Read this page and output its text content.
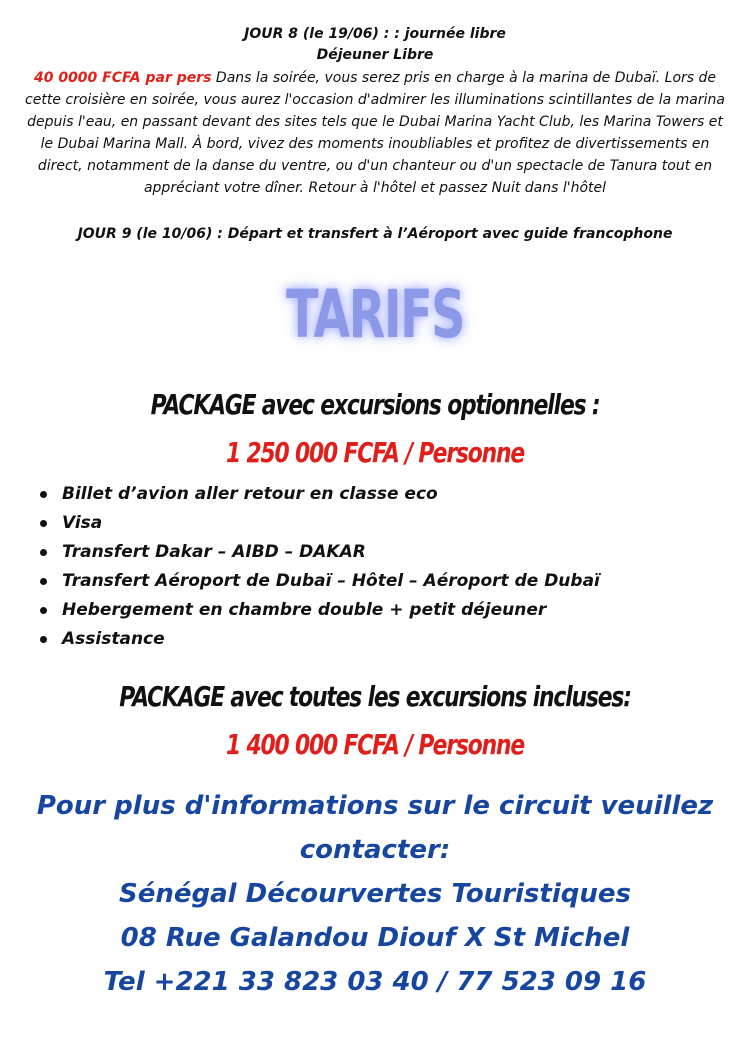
JOUR 8 (le 19/06) : : journée libre
Déjeuner Libre
40 0000 FCFA par pers Dans la soirée, vous serez pris en charge à la marina de Dubaï. Lors de cette croisière en soirée, vous aurez l'occasion d'admirer les illuminations scintillantes de la marina depuis l'eau, en passant devant des sites tels que le Dubai Marina Yacht Club, les Marina Towers et le Dubai Marina Mall. À bord, vivez des moments inoubliables et profitez de divertissements en direct, notamment de la danse du ventre, ou d'un chanteur ou d'un spectacle de Tanura tout en appréciant votre dîner. Retour à l'hôtel et passez Nuit dans l'hôtel
JOUR 9 (le 10/06) : Départ et transfert à l’Aéroport avec guide francophone
TARIFS
PACKAGE avec excursions optionnelles :
1 250 000 FCFA / Personne
Billet d’avion aller retour en classe eco
Visa
Transfert Dakar – AIBD – DAKAR
Transfert Aéroport de Dubaï – Hôtel – Aéroport de Dubaï
Hebergement en chambre double + petit déjeuner
Assistance
PACKAGE avec toutes les excursions incluses:
1 400 000 FCFA / Personne
Pour plus d'informations sur le circuit veuillez
contacter:
Sénégal Décourvertes Touristiques
08 Rue Galandou Diouf X St Michel
Tel +221 33 823 03 40 / 77 523 09 16
